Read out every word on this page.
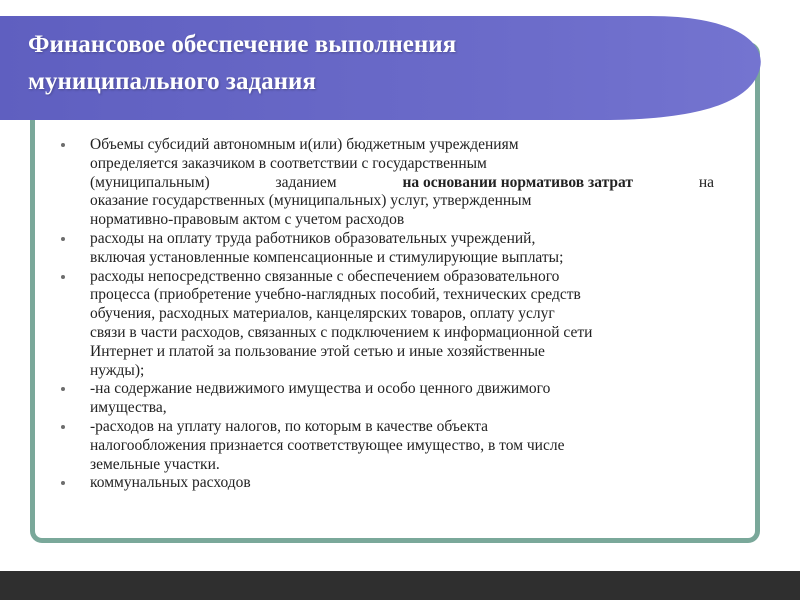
Финансовое обеспечение выполнения
муниципального задания
Объемы субсидий автономным и(или) бюджетным учреждениям
определяется заказчиком в соответствии с государственным
(муниципальным)	заданием	на основании нормативов затрат	на
оказание государственных (муниципальных) услуг, утвержденным
нормативно-правовым актом с учетом расходов
расходы на оплату труда работников образовательных учреждений,
включая установленные компенсационные и стимулирующие выплаты;
расходы непосредственно связанные с обеспечением образовательного
процесса (приобретение учебно-наглядных пособий, технических средств
обучения, расходных материалов, канцелярских товаров, оплату услуг
связи в части расходов, связанных с подключением к информационной сети
Интернет и платой за пользование этой сетью и иные хозяйственные
нужды);
-на содержание недвижимого имущества и особо ценного движимого
имущества,
-расходов на уплату налогов, по которым в качестве объекта
налогообложения признается соответствующее имущество, в том числе
земельные участки.
коммунальных расходов
